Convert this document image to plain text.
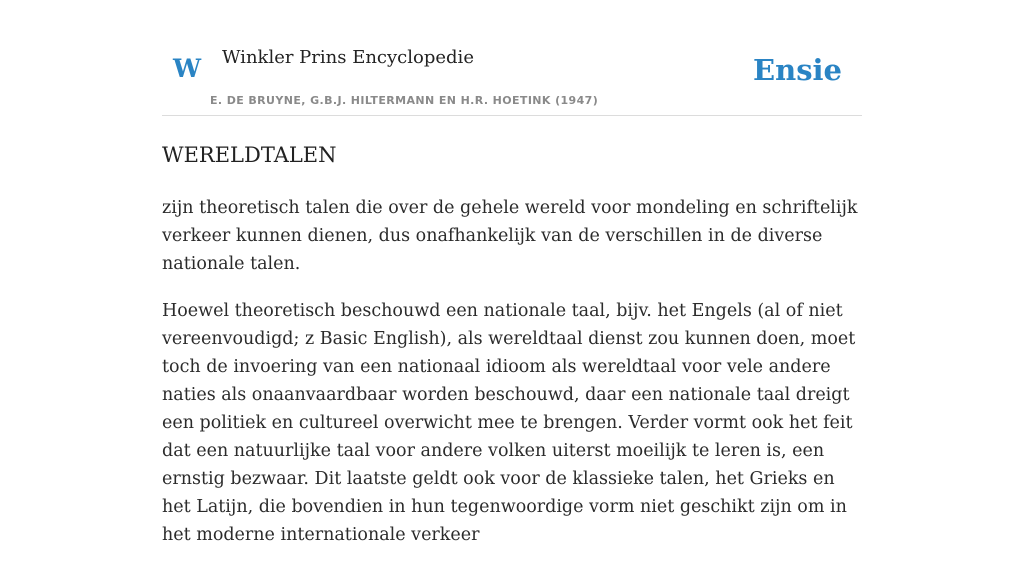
W Winkler Prins Encyclopedie
E. DE BRUYNE, G.B.J. HILTERMANN EN H.R. HOETINK (1947)
Ensie
WERELDTALEN

zijn theoretisch talen die over de gehele wereld voor mondeling en schriftelijk verkeer kunnen dienen, dus onafhankelijk van de verschillen in de diverse nationale talen.

Hoewel theoretisch beschouwd een nationale taal, bijv. het Engels (al of niet vereenvoudigd; z Basic English), als wereldtaal dienst zou kunnen doen, moet toch de invoering van een nationaal idioom als wereldtaal voor vele andere naties als onaanvaardbaar worden beschouwd, daar een nationale taal dreigt een politiek en cultureel overwicht mee te brengen. Verder vormt ook het feit dat een natuurlijke taal voor andere volken uiterst moeilijk te leren is, een ernstig bezwaar. Dit laatste geldt ook voor de klassieke talen, het Grieks en het Latijn, die bovendien in hun tegenwoordige vorm niet geschikt zijn om in het moderne internationale verkeer
